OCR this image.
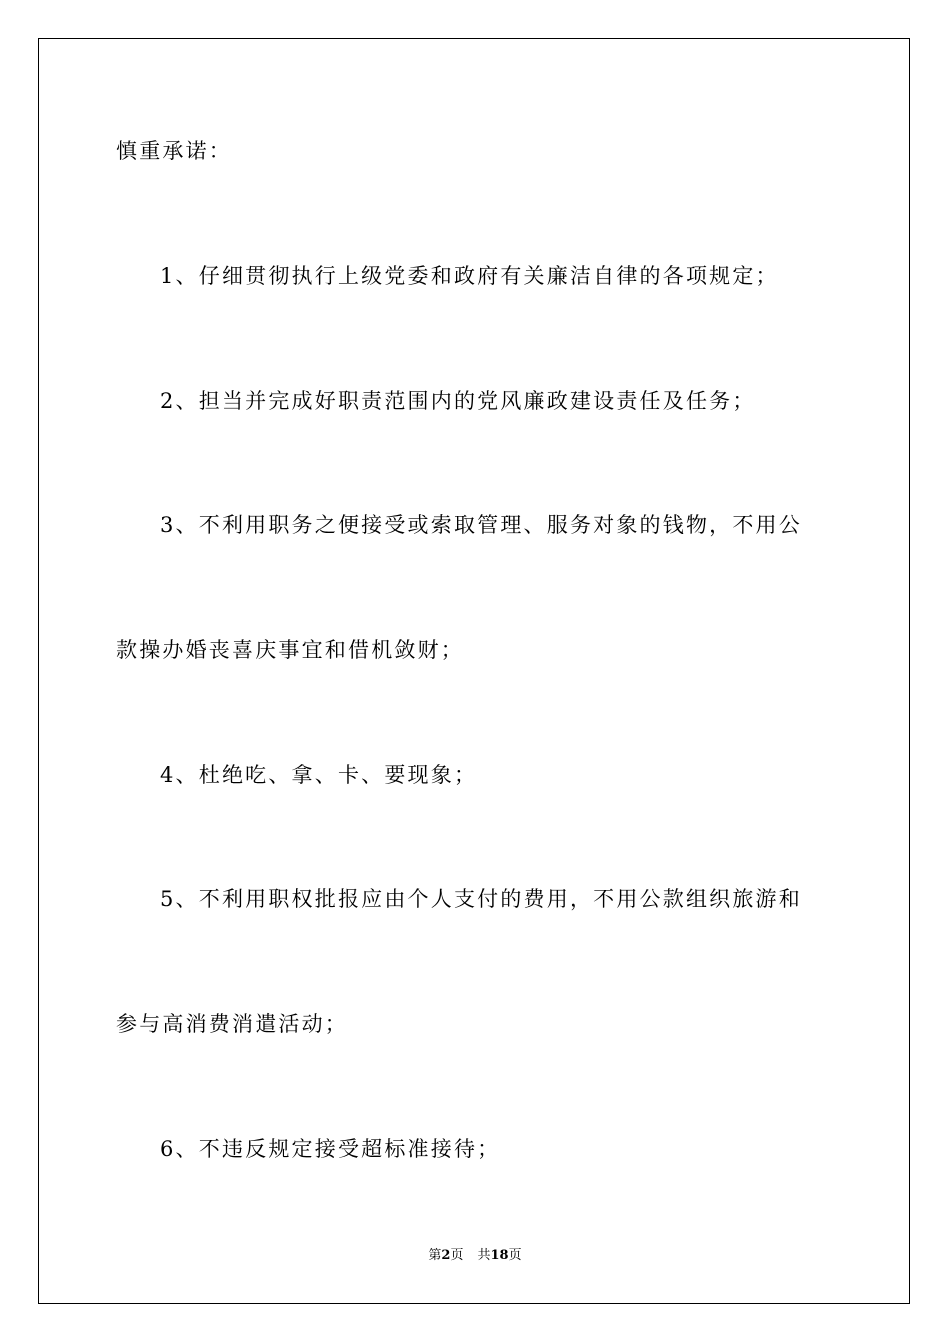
慎重承诺：

1、仔细贯彻执行上级党委和政府有关廉洁自律的各项规定；

2、担当并完成好职责范围内的党风廉政建设责任及任务；

3、不利用职务之便接受或索取管理、服务对象的钱物，不用公

款操办婚丧喜庆事宜和借机敛财；

4、杜绝吃、拿、卡、要现象；

5、不利用职权批报应由个人支付的费用，不用公款组织旅游和

参与高消费消遣活动；

6、不违反规定接受超标准接待；

第2页 共18页
